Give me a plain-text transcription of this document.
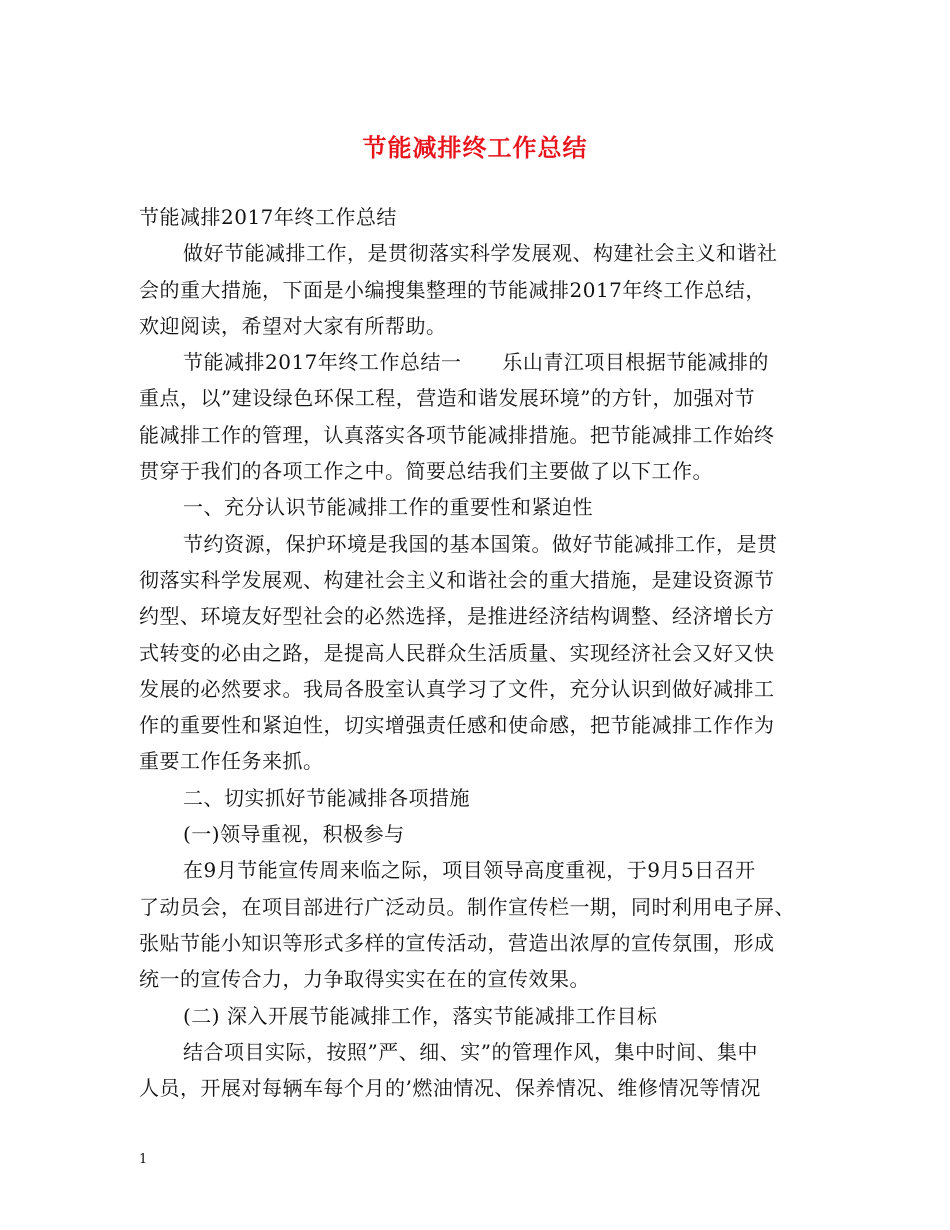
节能减排终工作总结

节能减排2017年终工作总结

做好节能减排工作，是贯彻落实科学发展观、构建社会主义和谐社

会的重大措施，下面是小编搜集整理的节能减排2017年终工作总结，

欢迎阅读，希望对大家有所帮助。

节能减排2017年终工作总结一　　乐山青江项目根据节能减排的

重点，以”建设绿色环保工程，营造和谐发展环境”的方针，加强对节

能减排工作的管理，认真落实各项节能减排措施。把节能减排工作始终

贯穿于我们的各项工作之中。简要总结我们主要做了以下工作。

一、充分认识节能减排工作的重要性和紧迫性

节约资源，保护环境是我国的基本国策。做好节能减排工作，是贯

彻落实科学发展观、构建社会主义和谐社会的重大措施，是建设资源节

约型、环境友好型社会的必然选择，是推进经济结构调整、经济增长方

式转变的必由之路，是提高人民群众生活质量、实现经济社会又好又快

发展的必然要求。我局各股室认真学习了文件，充分认识到做好减排工

作的重要性和紧迫性，切实增强责任感和使命感，把节能减排工作作为

重要工作任务来抓。

二、切实抓好节能减排各项措施

(一)领导重视，积极参与

在9月节能宣传周来临之际，项目领导高度重视，于9月5日召开

了动员会，在项目部进行广泛动员。制作宣传栏一期，同时利用电子屏、

张贴节能小知识等形式多样的宣传活动，营造出浓厚的宣传氛围，形成

统一的宣传合力，力争取得实实在在的宣传效果。

(二) 深入开展节能减排工作，落实节能减排工作目标

结合项目实际，按照”严、细、实”的管理作风，集中时间、集中

人员，开展对每辆车每个月的’燃油情况、保养情况、维修情况等情况

1
